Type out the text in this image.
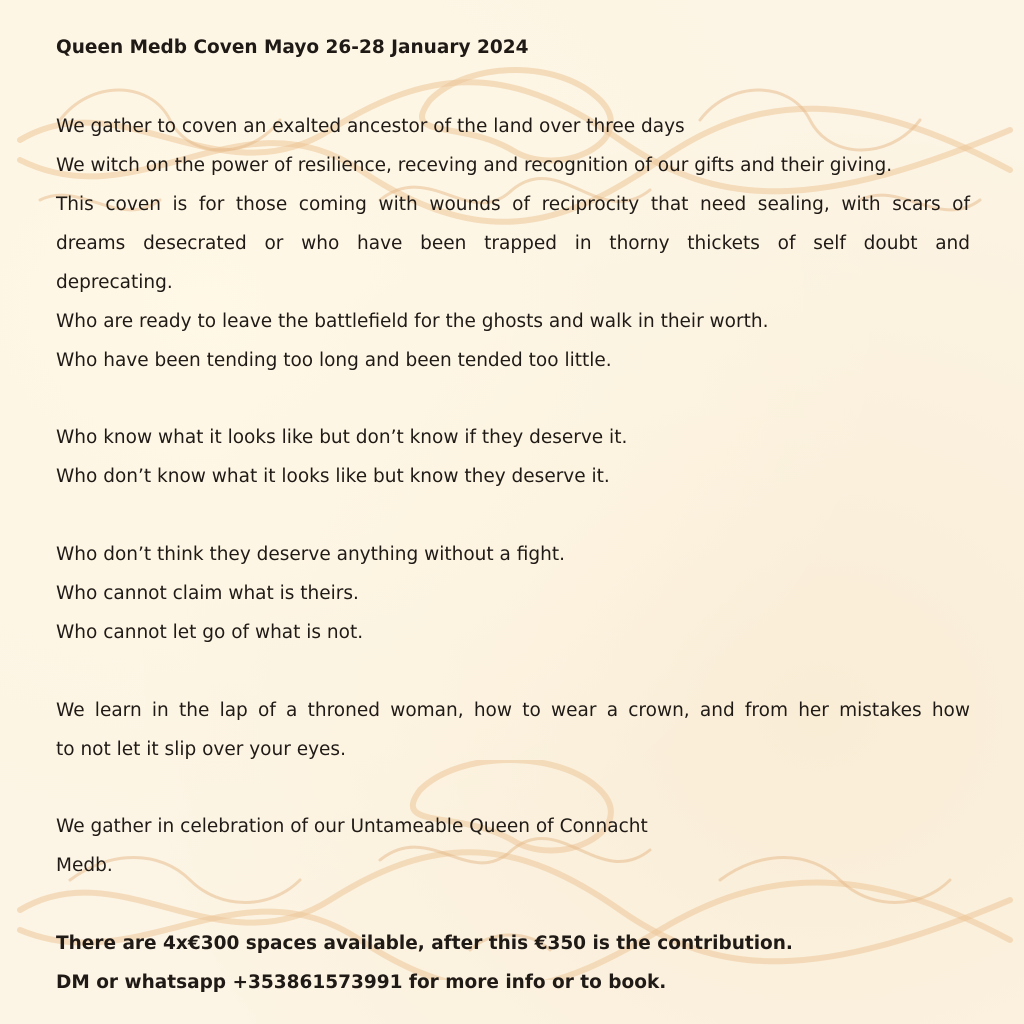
Queen Medb Coven Mayo 26-28 January 2024
We gather to coven an exalted ancestor of the land over three days
We witch on the power of resilience, receving and recognition of our gifts and their giving.
This coven is for those coming with wounds of reciprocity that need sealing, with scars of
dreams desecrated or who have been trapped in thorny thickets of self doubt and
deprecating.
Who are ready to leave the battlefield for the ghosts and walk in their worth.
Who have been tending too long and been tended too little.
Who know what it looks like but don’t know if they deserve it.
Who don’t know what it looks like but know they deserve it.
Who don’t think they deserve anything without a fight.
Who cannot claim what is theirs.
Who cannot let go of what is not.
We learn in the lap of a throned woman, how to wear a crown, and from her mistakes how
to not let it slip over your eyes.
We gather in celebration of our Untameable Queen of Connacht
Medb.
There are 4x€300 spaces available, after this €350 is the contribution.
DM or whatsapp +353861573991 for more info or to book.
